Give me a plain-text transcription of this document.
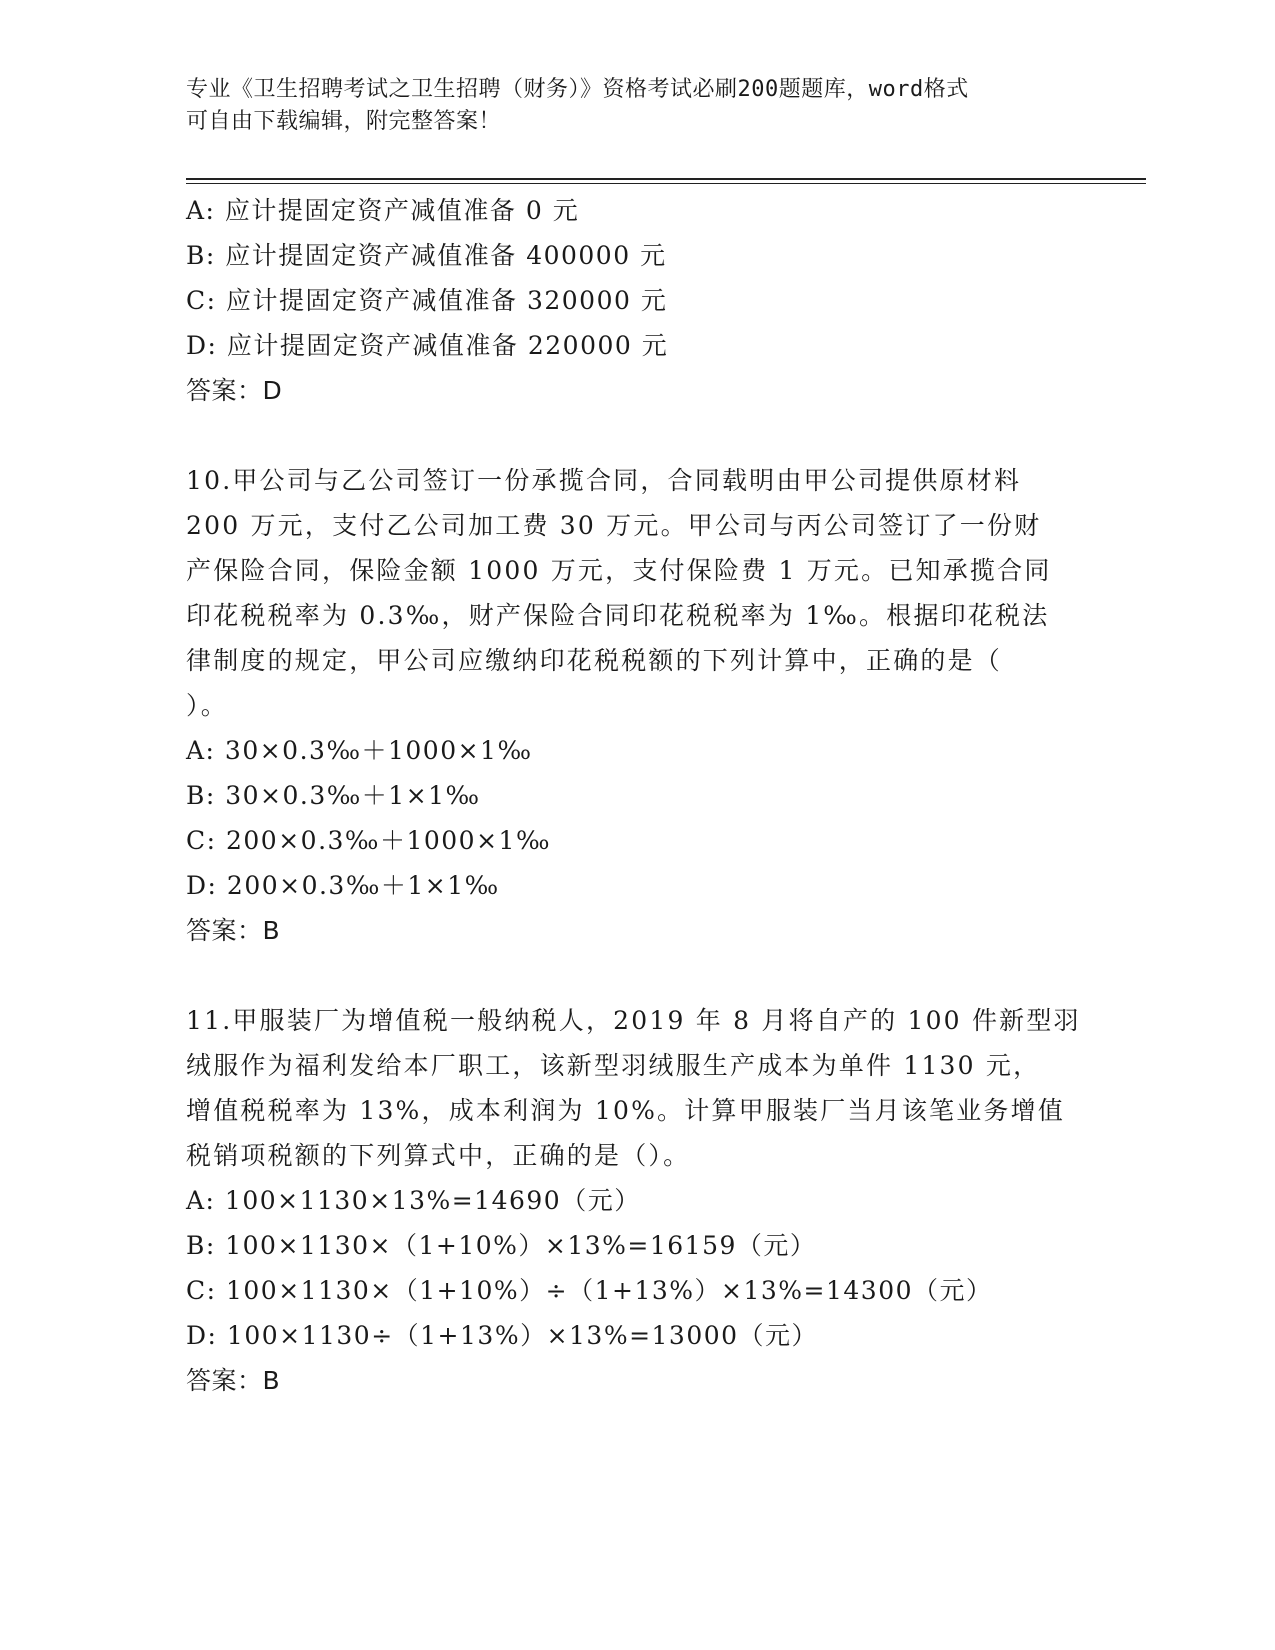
专业《卫生招聘考试之卫生招聘（财务）》资格考试必刷200题题库，word格式
可自由下载编辑，附完整答案！
A: 应计提固定资产减值准备 0 元
B: 应计提固定资产减值准备 400000 元
C: 应计提固定资产减值准备 320000 元
D: 应计提固定资产减值准备 220000 元
答案：D
10.甲公司与乙公司签订一份承揽合同，合同载明由甲公司提供原材料
200 万元，支付乙公司加工费 30 万元。甲公司与丙公司签订了一份财
产保险合同，保险金额 1000 万元，支付保险费 1 万元。已知承揽合同
印花税税率为 0.3‰，财产保险合同印花税税率为 1‰。根据印花税法
律制度的规定，甲公司应缴纳印花税税额的下列计算中，正确的是（
）。
A: 30×0.3‰＋1000×1‰
B: 30×0.3‰＋1×1‰
C: 200×0.3‰＋1000×1‰
D: 200×0.3‰＋1×1‰
答案：B
11.甲服装厂为增值税一般纳税人，2019 年 8 月将自产的 100 件新型羽
绒服作为福利发给本厂职工，该新型羽绒服生产成本为单件 1130 元，
增值税税率为 13%，成本利润为 10%。计算甲服装厂当月该笔业务增值
税销项税额的下列算式中，正确的是（）。
A: 100×1130×13%=14690（元）
B: 100×1130×（1+10%）×13%=16159（元）
C: 100×1130×（1+10%）÷（1+13%）×13%=14300（元）
D: 100×1130÷（1+13%）×13%=13000（元）
答案：B
